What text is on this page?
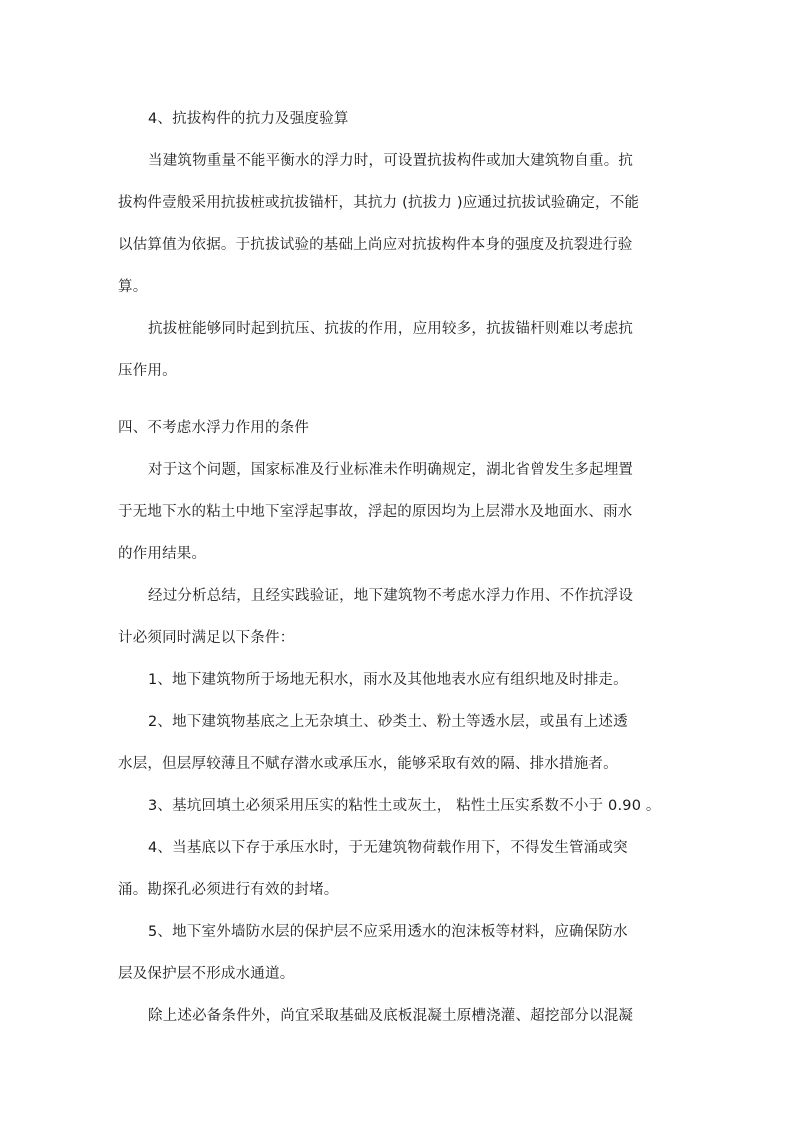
4、抗拔构件的抗力及强度验算
当建筑物重量不能平衡水的浮力时，可设置抗拔构件或加大建筑物自重。抗
拔构件壹般采用抗拔桩或抗拔锚杆，其抗力 (抗拔力 )应通过抗拔试验确定，不能
以估算值为依据。于抗拔试验的基础上尚应对抗拔构件本身的强度及抗裂进行验
算。
抗拔桩能够同时起到抗压、抗拔的作用，应用较多，抗拔锚杆则难以考虑抗
压作用。
四、不考虑水浮力作用的条件
对于这个问题，国家标准及行业标准未作明确规定，湖北省曾发生多起埋置
于无地下水的粘土中地下室浮起事故，浮起的原因均为上层滞水及地面水、雨水
的作用结果。
经过分析总结，且经实践验证，地下建筑物不考虑水浮力作用、不作抗浮设
计必须同时满足以下条件：
1、地下建筑物所于场地无积水，雨水及其他地表水应有组织地及时排走。
2、地下建筑物基底之上无杂填土、砂类土、粉土等透水层，或虽有上述透
水层，但层厚较薄且不赋存潜水或承压水，能够采取有效的隔、排水措施者。
3、基坑回填土必须采用压实的粘性土或灰土， 粘性土压实系数不小于 0.90 。
4、当基底以下存于承压水时，于无建筑物荷载作用下，不得发生管涌或突
涌。勘探孔必须进行有效的封堵。
5、地下室外墙防水层的保护层不应采用透水的泡沫板等材料，应确保防水
层及保护层不形成水通道。
除上述必备条件外，尚宜采取基础及底板混凝土原槽浇灌、超挖部分以混凝
